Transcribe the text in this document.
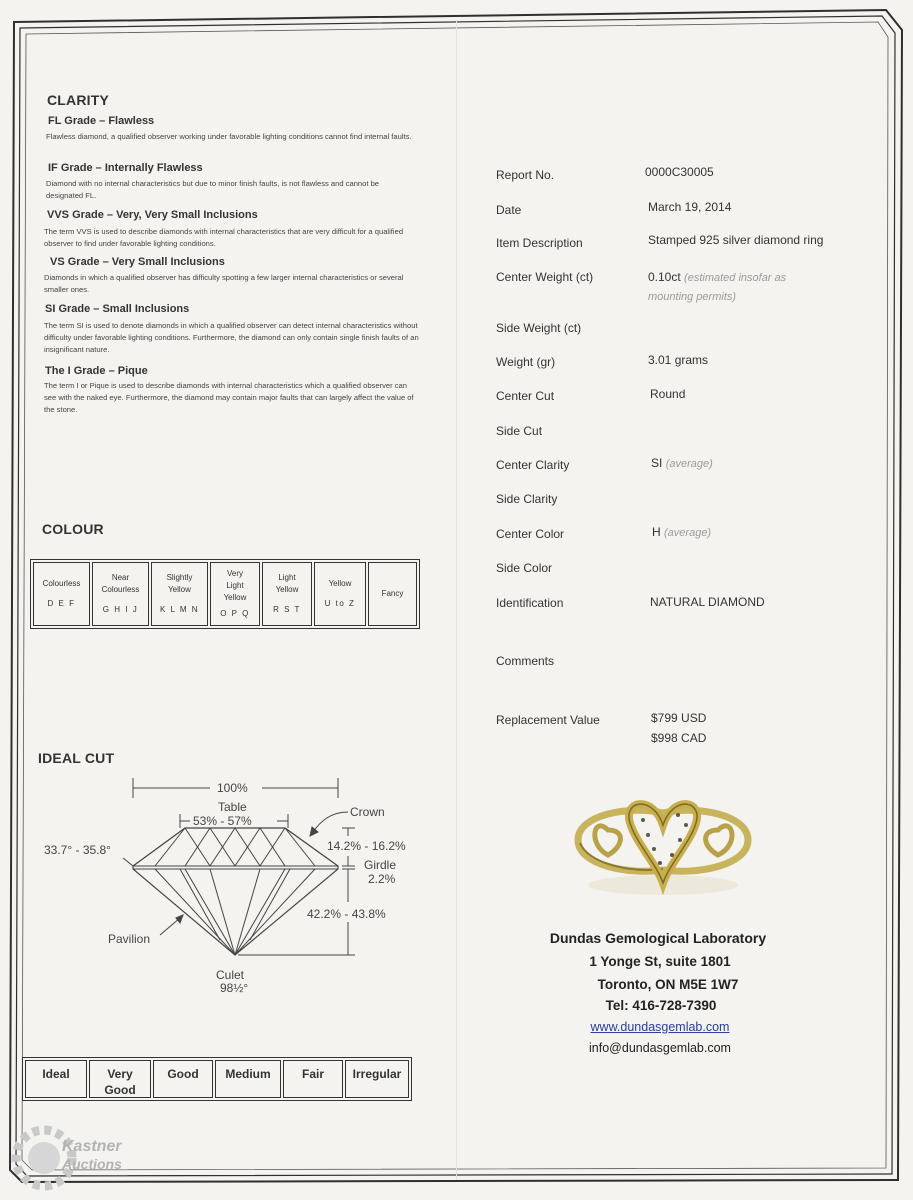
CLARITY
FL Grade – Flawless
Flawless diamond, a qualified observer working under favorable lighting conditions cannot find internal faults.
IF Grade – Internally Flawless
Diamond with no internal characteristics but due to minor finish faults, is not flawless and cannot be designated FL.
VVS Grade – Very, Very Small Inclusions
The term VVS is used to describe diamonds with internal characteristics that are very difficult for a qualified observer to find under favorable lighting conditions.
VS Grade – Very Small Inclusions
Diamonds in which a qualified observer has difficulty spotting a few larger internal characteristics or several smaller ones.
SI Grade – Small Inclusions
The term SI is used to denote diamonds in which a qualified observer can detect internal characteristics without difficulty under favorable lighting conditions. Furthermore, the diamond can only contain single finish faults of an insignificant nature.
The I Grade – Pique
The term I or Pique is used to describe diamonds with internal characteristics which a qualified observer can see with the naked eye. Furthermore, the diamond may contain major faults that can largely affect the value of the stone.
COLOUR
Colourless
D E F
Near Colourless
G H I J
Slightly Yellow
K L M N
Very Light Yellow
O P Q
Light Yellow
R S T
Yellow
U to Z
Fancy
IDEAL CUT
100%
Table
53% - 57%
Crown
33.7° - 35.8°	14.2% - 16.2%
Girdle
2.2%
42.2% - 43.8%
Pavilion
Culet
98½°
Ideal	Very Good
Good	Medium	Fair	Irregular
Report No.	0000C30005
Date	March 19, 2014
Item Description	Stamped 925 silver diamond ring
Center Weight (ct)	0.10ct (estimated insofar as mounting permits)
Side Weight (ct)
Weight (gr)	3.01 grams
Center Cut	Round
Side Cut
Center Clarity	SI (average)
Side Clarity
Center Color	H (average)
Side Color
Identification	NATURAL DIAMOND
Comments
Replacement Value	$799 USD
$998 CAD
Dundas Gemological Laboratory
1 Yonge St, suite 1801
Toronto, ON M5E 1W7
Tel: 416-728-7390
www.dundasgemlab.com
info@dundasgemlab.com
Kastner
Auctions
